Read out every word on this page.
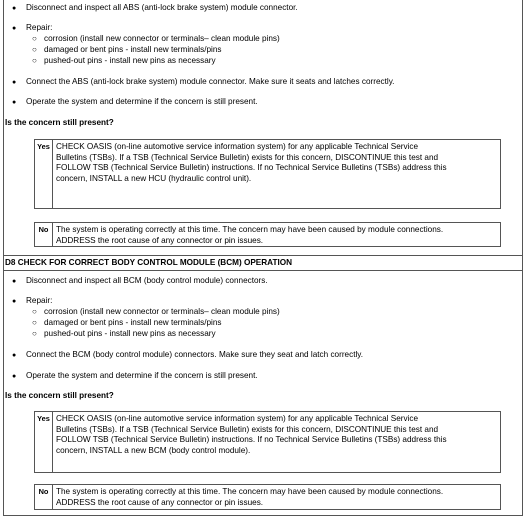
● Disconnect and inspect all ABS (anti-lock brake system) module connector.
● Repair:
○ corrosion (install new connector or terminals– clean module pins)
○ damaged or bent pins - install new terminals/pins
○ pushed-out pins - install new pins as necessary
● Connect the ABS (anti-lock brake system) module connector. Make sure it seats and latches correctly.
● Operate the system and determine if the concern is still present.
Is the concern still present?
Yes CHECK OASIS (on-line automotive service information system) for any applicable Technical Service
Bulletins (TSBs). If a TSB (Technical Service Bulletin) exists for this concern, DISCONTINUE this test and
FOLLOW TSB (Technical Service Bulletin) instructions. If no Technical Service Bulletins (TSBs) address this
concern, INSTALL a new HCU (hydraulic control unit).
No The system is operating correctly at this time. The concern may have been caused by module connections.
ADDRESS the root cause of any connector or pin issues.
D8 CHECK FOR CORRECT BODY CONTROL MODULE (BCM) OPERATION
● Disconnect and inspect all BCM (body control module) connectors.
● Repair:
○ corrosion (install new connector or terminals– clean module pins)
○ damaged or bent pins - install new terminals/pins
○ pushed-out pins - install new pins as necessary
● Connect the BCM (body control module) connectors. Make sure they seat and latch correctly.
● Operate the system and determine if the concern is still present.
Is the concern still present?
Yes CHECK OASIS (on-line automotive service information system) for any applicable Technical Service
Bulletins (TSBs). If a TSB (Technical Service Bulletin) exists for this concern, DISCONTINUE this test and
FOLLOW TSB (Technical Service Bulletin) instructions. If no Technical Service Bulletins (TSBs) address this
concern, INSTALL a new BCM (body control module).
No The system is operating correctly at this time. The concern may have been caused by module connections.
ADDRESS the root cause of any connector or pin issues.
